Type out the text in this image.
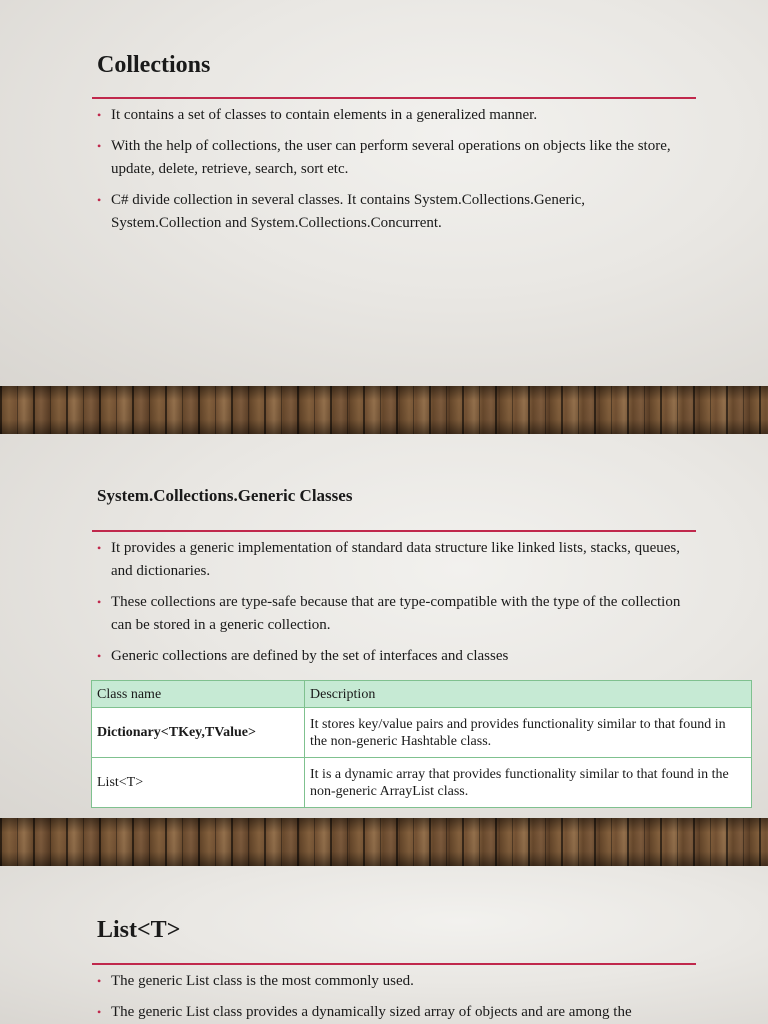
Collections
• It contains a set of classes to contain elements in a generalized manner.
• With the help of collections, the user can perform several operations on objects like the store, update, delete, retrieve, search, sort etc.
• C# divide collection in several classes. It contains System.Collections.Generic, System.Collection and System.Collections.Concurrent.
System.Collections.Generic Classes
• It provides a generic implementation of standard data structure like linked lists, stacks, queues, and dictionaries.
• These collections are type-safe because that are type-compatible with the type of the collection can be stored in a generic collection.
• Generic collections are defined by the set of interfaces and classes
Class name	Description
Dictionary<TKey,TValue>	It stores key/value pairs and provides functionality similar to that found in the non-generic Hashtable class.
List<T>	It is a dynamic array that provides functionality similar to that found in the non-generic ArrayList class.
List<T>
• The generic List class is the most commonly used.
• The generic List class provides a dynamically sized array of objects and are among the
